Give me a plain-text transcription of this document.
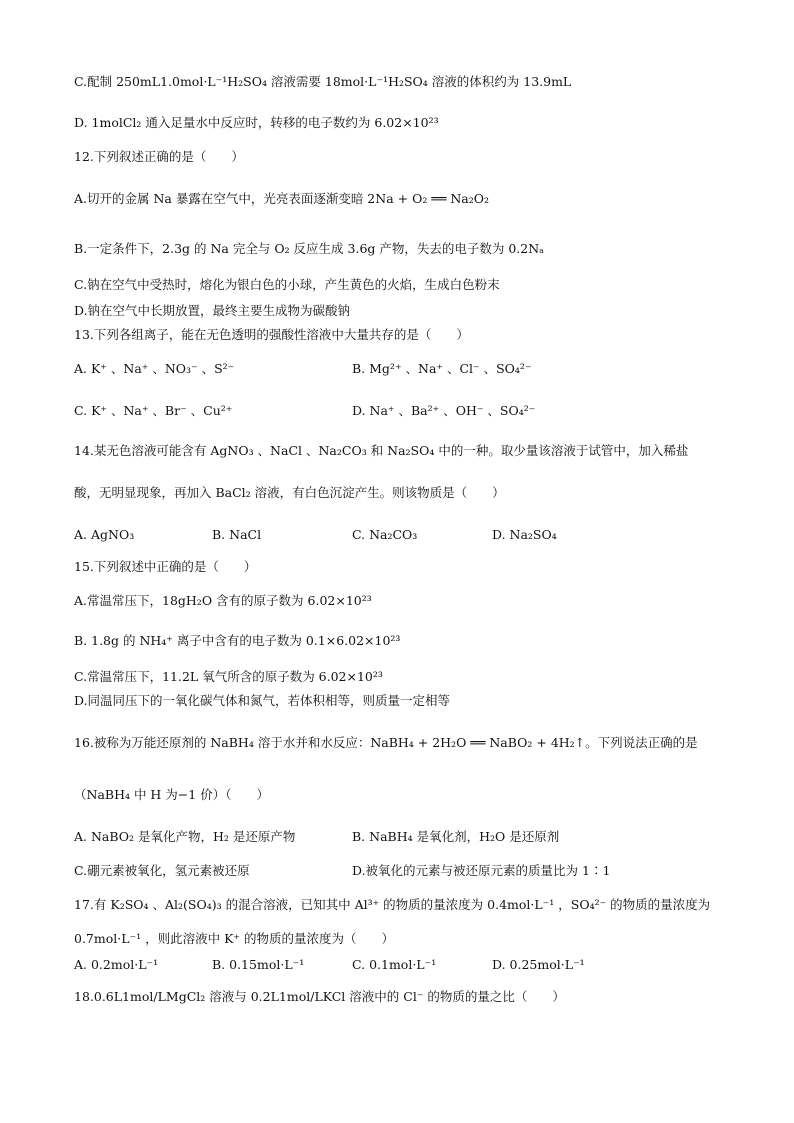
C.配制 250mL1.0mol·L⁻¹H₂SO₄ 溶液需要 18mol·L⁻¹H₂SO₄ 溶液的体积约为 13.9mL
D. 1molCl₂ 通入足量水中反应时，转移的电子数约为 6.02×10²³
12.下列叙述正确的是（　　）
A.切开的金属 Na 暴露在空气中，光亮表面逐渐变暗 2Na + O₂ ══ Na₂O₂
B.一定条件下，2.3g 的 Na 完全与 O₂ 反应生成 3.6g 产物，失去的电子数为 0.2Nₐ
C.钠在空气中受热时，熔化为银白色的小球，产生黄色的火焰，生成白色粉末
D.钠在空气中长期放置，最终主要生成物为碳酸钠
13.下列各组离子，能在无色透明的强酸性溶液中大量共存的是（　　）
A. K⁺ 、Na⁺ 、NO₃⁻ 、S²⁻	B. Mg²⁺ 、Na⁺ 、Cl⁻ 、SO₄²⁻
C. K⁺ 、Na⁺ 、Br⁻ 、Cu²⁺	D. Na⁺ 、Ba²⁺ 、OH⁻ 、SO₄²⁻
14.某无色溶液可能含有 AgNO₃ 、NaCl 、Na₂CO₃ 和 Na₂SO₄ 中的一种。取少量该溶液于试管中，加入稀盐
酸，无明显现象，再加入 BaCl₂ 溶液，有白色沉淀产生。则该物质是（　　）
A. AgNO₃	B. NaCl	C. Na₂CO₃	D. Na₂SO₄
15.下列叙述中正确的是（　　）
A.常温常压下，18gH₂O 含有的原子数为 6.02×10²³
B. 1.8g 的 NH₄⁺ 离子中含有的电子数为 0.1×6.02×10²³
C.常温常压下，11.2L 氧气所含的原子数为 6.02×10²³
D.同温同压下的一氧化碳气体和氮气，若体积相等，则质量一定相等
16.被称为万能还原剂的 NaBH₄ 溶于水并和水反应：NaBH₄ + 2H₂O ══ NaBO₂ + 4H₂↑。下列说法正确的是
（NaBH₄ 中 H 为−1 价）（　　）
A. NaBO₂ 是氧化产物，H₂ 是还原产物	B. NaBH₄ 是氧化剂，H₂O 是还原剂
C.硼元素被氧化，氢元素被还原	D.被氧化的元素与被还原元素的质量比为 1∶1
17.有 K₂SO₄ 、Al₂(SO₄)₃ 的混合溶液，已知其中 Al³⁺ 的物质的量浓度为 0.4mol·L⁻¹ ，SO₄²⁻ 的物质的量浓度为
0.7mol·L⁻¹ ，则此溶液中 K⁺ 的物质的量浓度为（　　）
A. 0.2mol·L⁻¹	B. 0.15mol·L⁻¹	C. 0.1mol·L⁻¹	D. 0.25mol·L⁻¹
18.0.6L1mol/LMgCl₂ 溶液与 0.2L1mol/LKCl 溶液中的 Cl⁻ 的物质的量之比（　　）
